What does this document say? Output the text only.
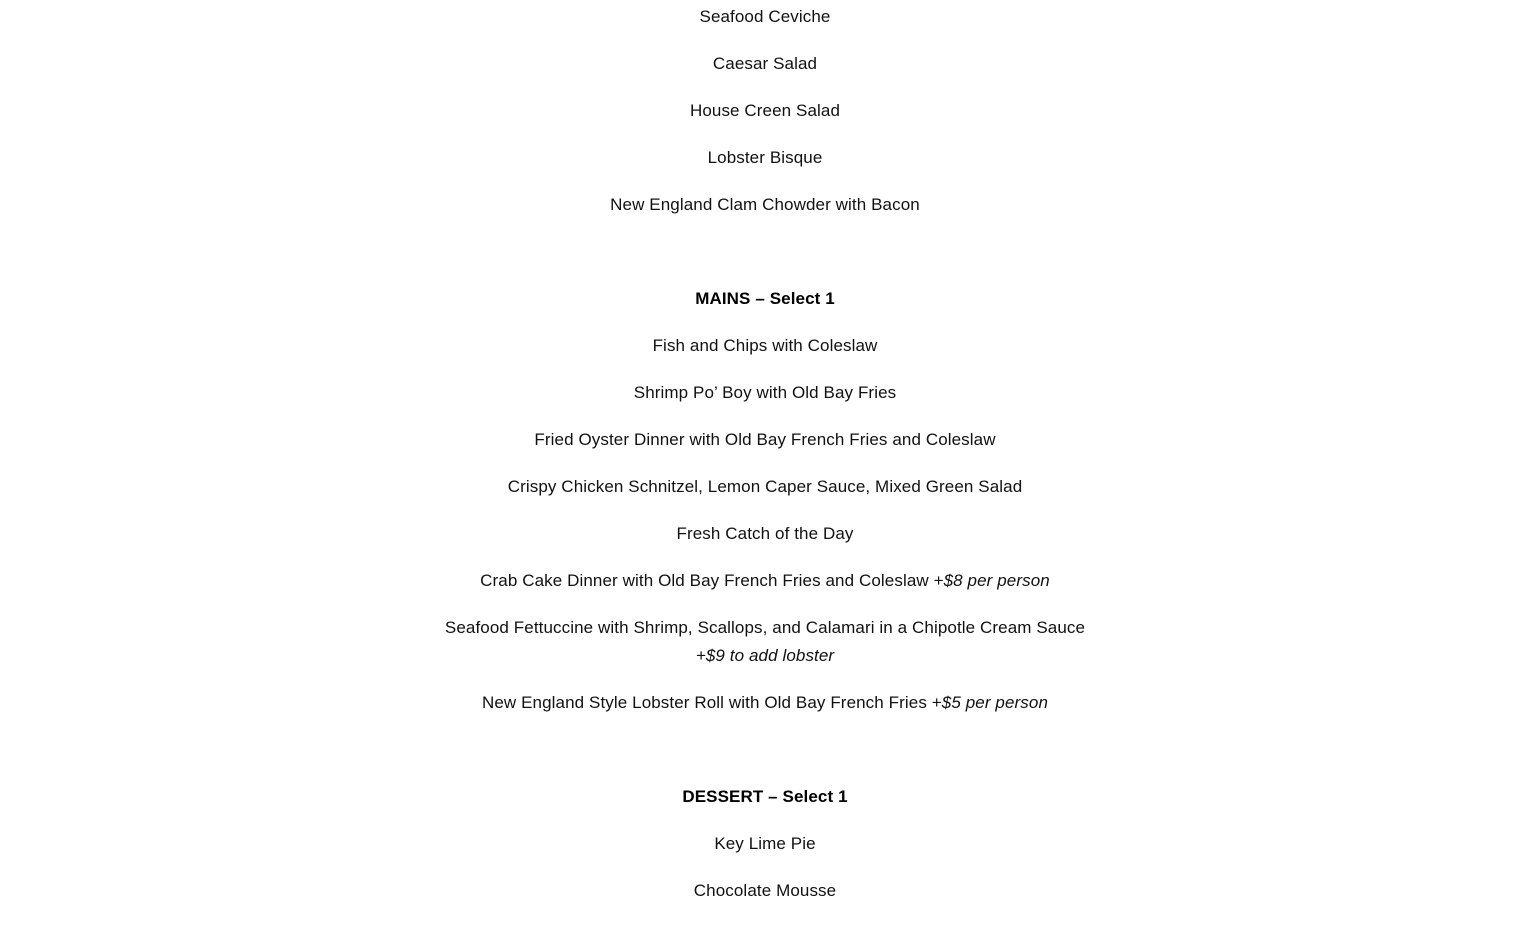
Seafood Ceviche
Caesar Salad
House Creen Salad
Lobster Bisque
New England Clam Chowder with Bacon
MAINS – Select 1
Fish and Chips with Coleslaw
Shrimp Po’ Boy with Old Bay Fries
Fried Oyster Dinner with Old Bay French Fries and Coleslaw
Crispy Chicken Schnitzel, Lemon Caper Sauce, Mixed Green Salad
Fresh Catch of the Day
Crab Cake Dinner with Old Bay French Fries and Coleslaw +$8 per person
Seafood Fettuccine with Shrimp, Scallops, and Calamari in a Chipotle Cream Sauce
+$9 to add lobster
New England Style Lobster Roll with Old Bay French Fries +$5 per person
DESSERT – Select 1
Key Lime Pie
Chocolate Mousse
